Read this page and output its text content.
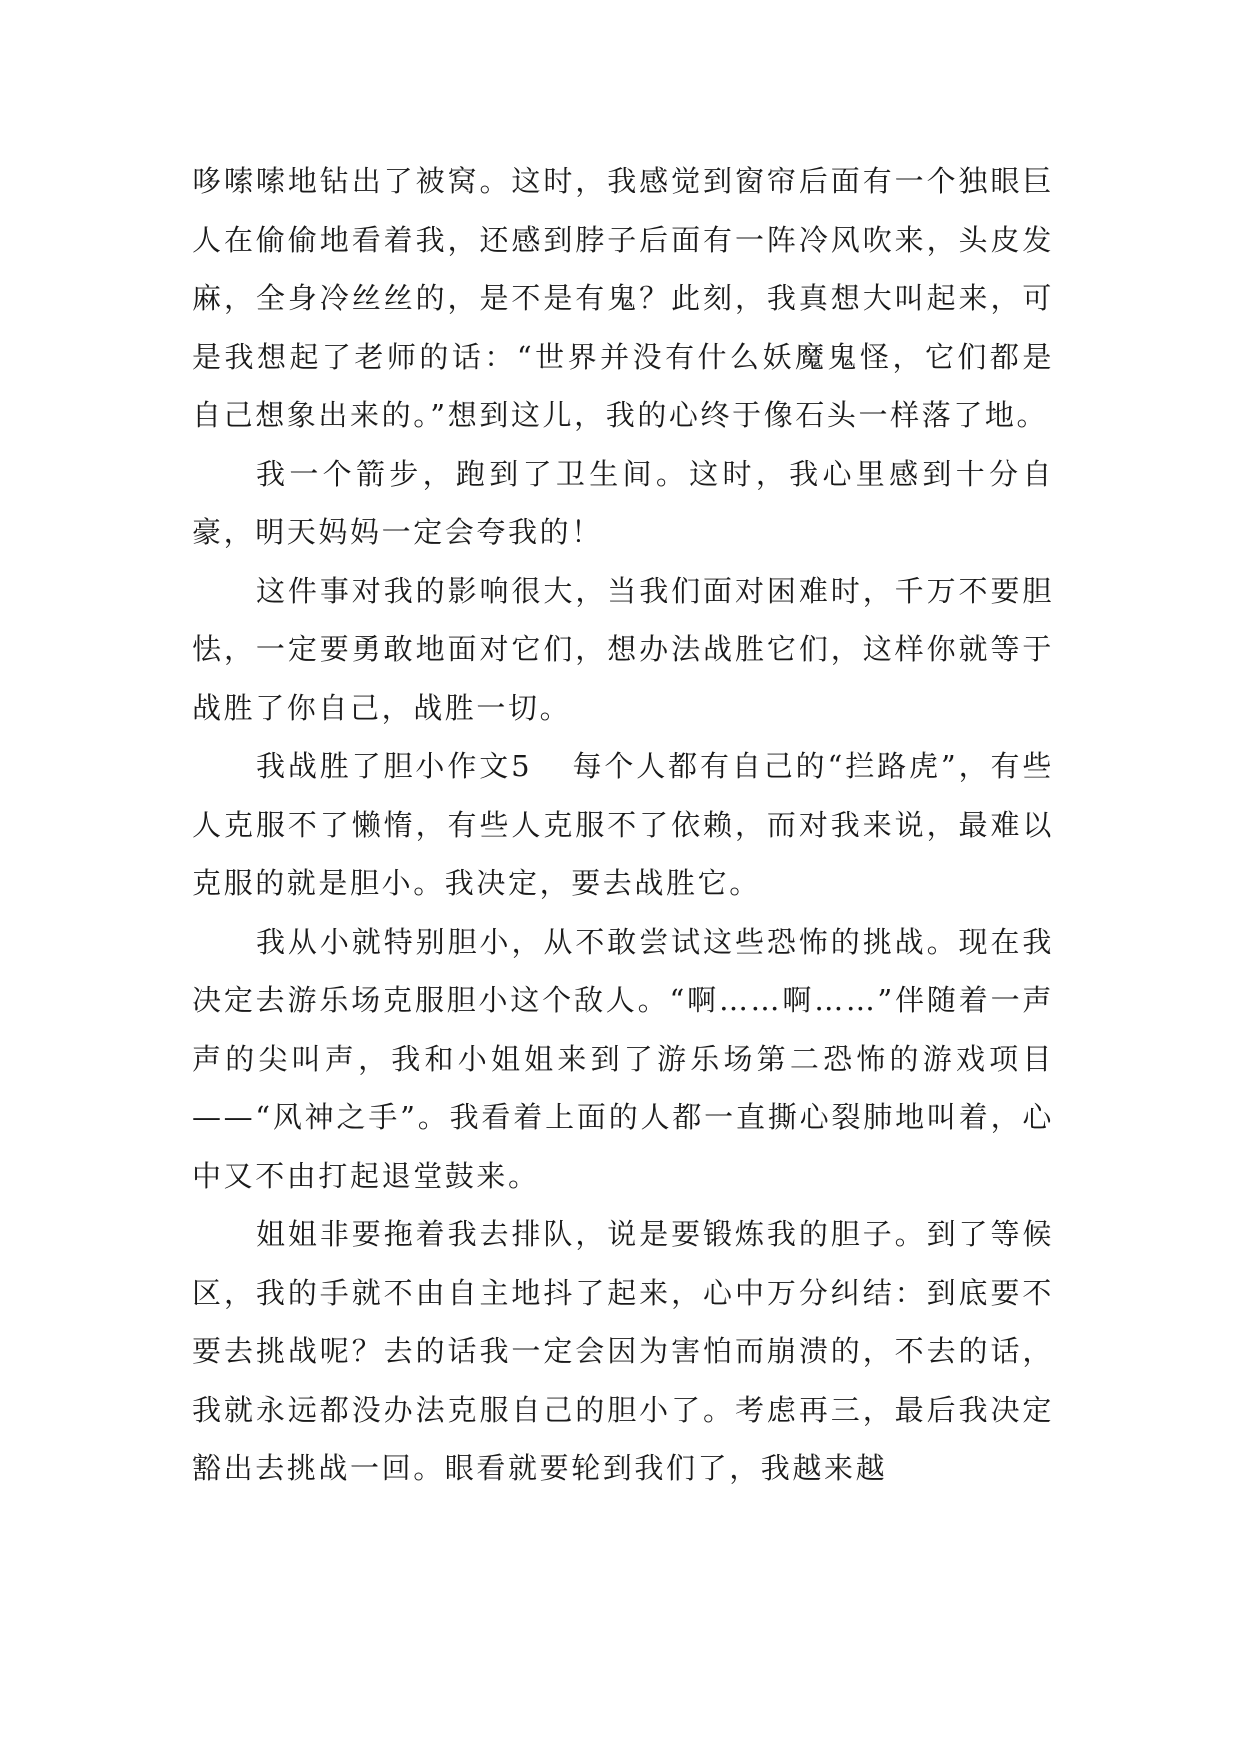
哆嗦嗦地钻出了被窝。这时，我感觉到窗帘后面有一个独眼巨人在偷偷地看着我，还感到脖子后面有一阵冷风吹来，头皮发麻，全身冷丝丝的，是不是有鬼？此刻，我真想大叫起来，可是我想起了老师的话：“世界并没有什么妖魔鬼怪，它们都是自己想象出来的。”想到这儿，我的心终于像石头一样落了地。

我一个箭步，跑到了卫生间。这时，我心里感到十分自豪，明天妈妈一定会夸我的！

这件事对我的影响很大，当我们面对困难时，千万不要胆怯，一定要勇敢地面对它们，想办法战胜它们，这样你就等于战胜了你自己，战胜一切。

我战胜了胆小作文5 每个人都有自己的“拦路虎”，有些人克服不了懒惰，有些人克服不了依赖，而对我来说，最难以克服的就是胆小。我决定，要去战胜它。

我从小就特别胆小，从不敢尝试这些恐怖的挑战。现在我决定去游乐场克服胆小这个敌人。“啊……啊……”伴随着一声声的尖叫声，我和小姐姐来到了游乐场第二恐怖的游戏项目——“风神之手”。我看着上面的人都一直撕心裂肺地叫着，心中又不由打起退堂鼓来。

姐姐非要拖着我去排队，说是要锻炼我的胆子。到了等候区，我的手就不由自主地抖了起来，心中万分纠结：到底要不要去挑战呢？去的话我一定会因为害怕而崩溃的，不去的话，我就永远都没办法克服自己的胆小了。考虑再三，最后我决定豁出去挑战一回。眼看就要轮到我们了，我越来越
